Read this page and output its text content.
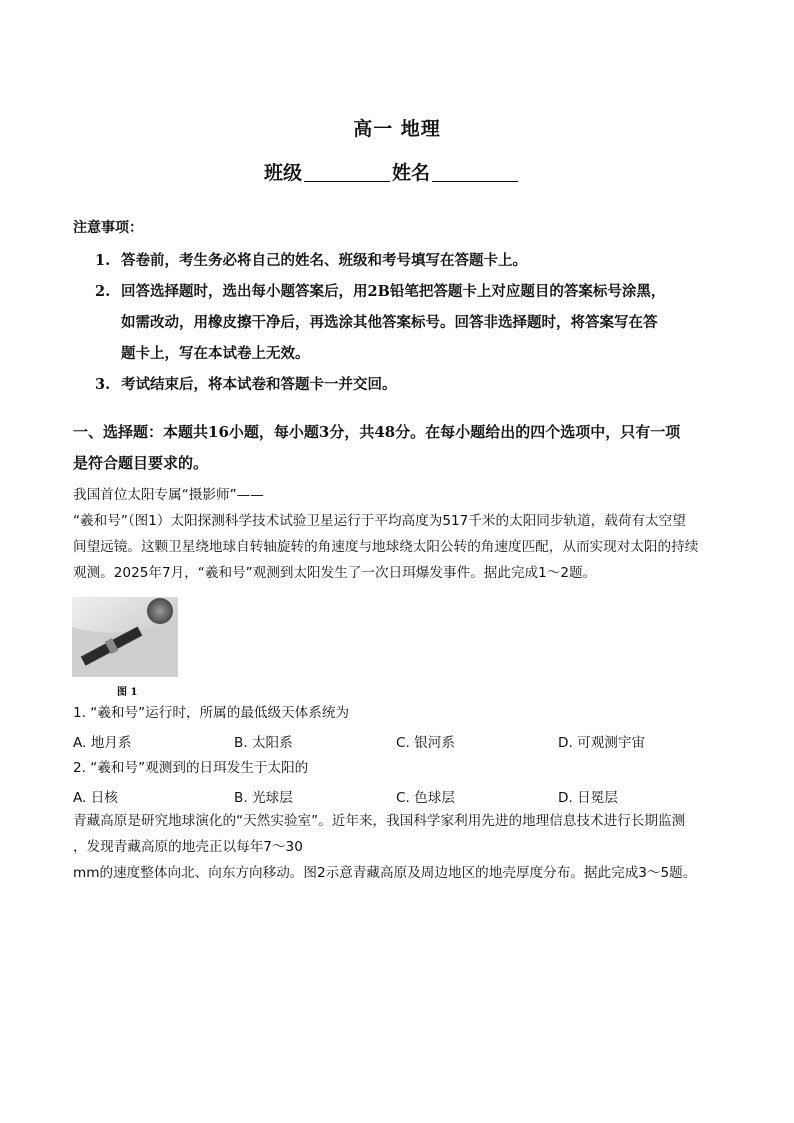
高一 地理
班级	姓名
注意事项：
1. 答卷前，考生务必将自己的姓名、班级和考号填写在答题卡上。
2. 回答选择题时，选出每小题答案后，用2B铅笔把答题卡上对应题目的答案标号涂黑，
如需改动，用橡皮擦干净后，再选涂其他答案标号。回答非选择题时，将答案写在答
题卡上，写在本试卷上无效。
3. 考试结束后，将本试卷和答题卡一并交回。
一、选择题：本题共16小题，每小题3分，共48分。在每小题给出的四个选项中，只有一项
是符合题目要求的。
我国首位太阳专属“摄影师”——
“羲和号”（图1）太阳探测科学技术试验卫星运行于平均高度为517千米的太阳同步轨道，载荷有太空望
间望远镜。这颗卫星绕地球自转轴旋转的角速度与地球绕太阳公转的角速度匹配，从而实现对太阳的持续
观测。2025年7月，“羲和号”观测到太阳发生了一次日珥爆发事件。据此完成1～2题。
图 1
1. “羲和号”运行时，所属的最低级天体系统为
A. 地月系	B. 太阳系	C. 银河系	D. 可观测宇宙
2. “羲和号”观测到的日珥发生于太阳的
A. 日核	B. 光球层	C. 色球层	D. 日冕层
青藏高原是研究地球演化的“天然实验室”。近年来，我国科学家利用先进的地理信息技术进行长期监测
，发现青藏高原的地壳正以每年7～30
mm的速度整体向北、向东方向移动。图2示意青藏高原及周边地区的地壳厚度分布。据此完成3～5题。
